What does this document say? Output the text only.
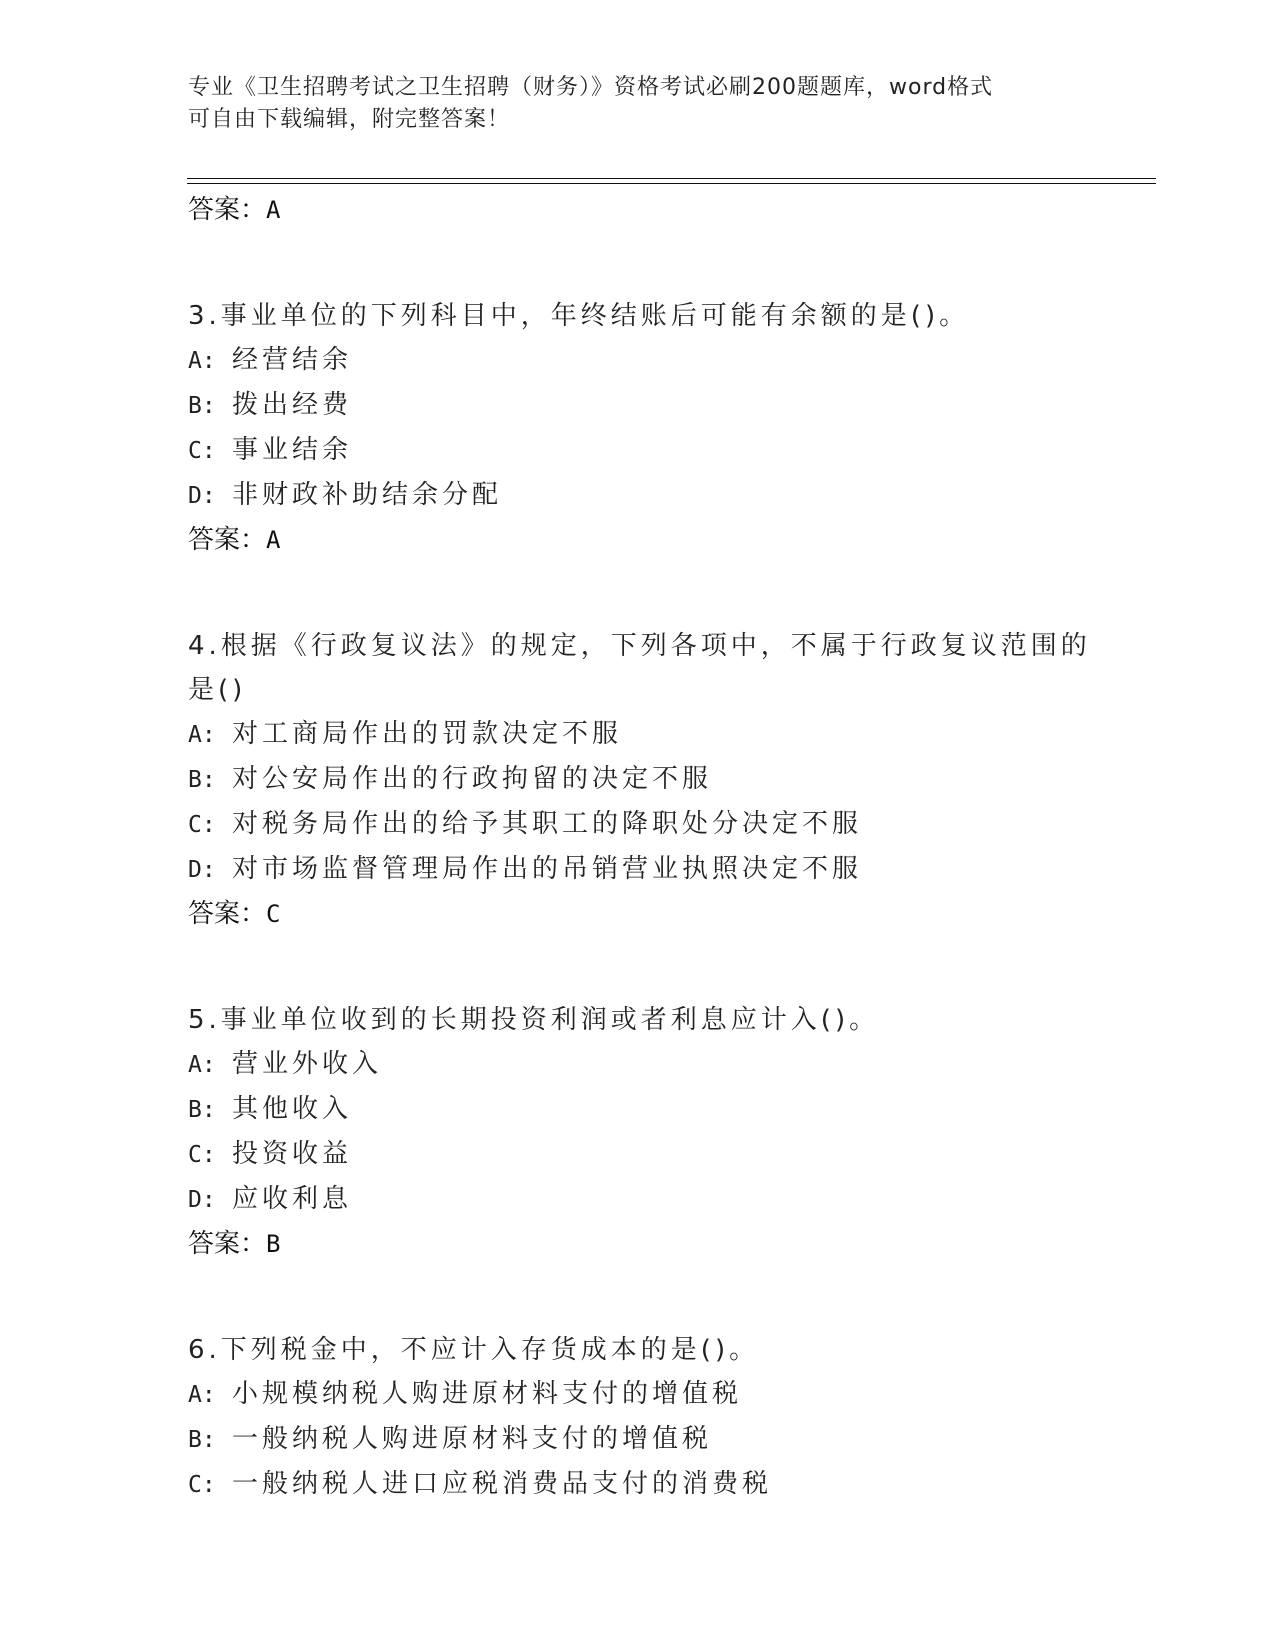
专业《卫生招聘考试之卫生招聘（财务）》资格考试必刷200题题库，word格式
可自由下载编辑，附完整答案！
答案：A
3.事业单位的下列科目中，年终结账后可能有余额的是()。
A: 经营结余
B: 拨出经费
C: 事业结余
D: 非财政补助结余分配
答案：A
4.根据《行政复议法》的规定，下列各项中，不属于行政复议范围的
是()
A: 对工商局作出的罚款决定不服
B: 对公安局作出的行政拘留的决定不服
C: 对税务局作出的给予其职工的降职处分决定不服
D: 对市场监督管理局作出的吊销营业执照决定不服
答案：C
5.事业单位收到的长期投资利润或者利息应计入()。
A: 营业外收入
B: 其他收入
C: 投资收益
D: 应收利息
答案：B
6.下列税金中，不应计入存货成本的是()。
A: 小规模纳税人购进原材料支付的增值税
B: 一般纳税人购进原材料支付的增值税
C: 一般纳税人进口应税消费品支付的消费税
